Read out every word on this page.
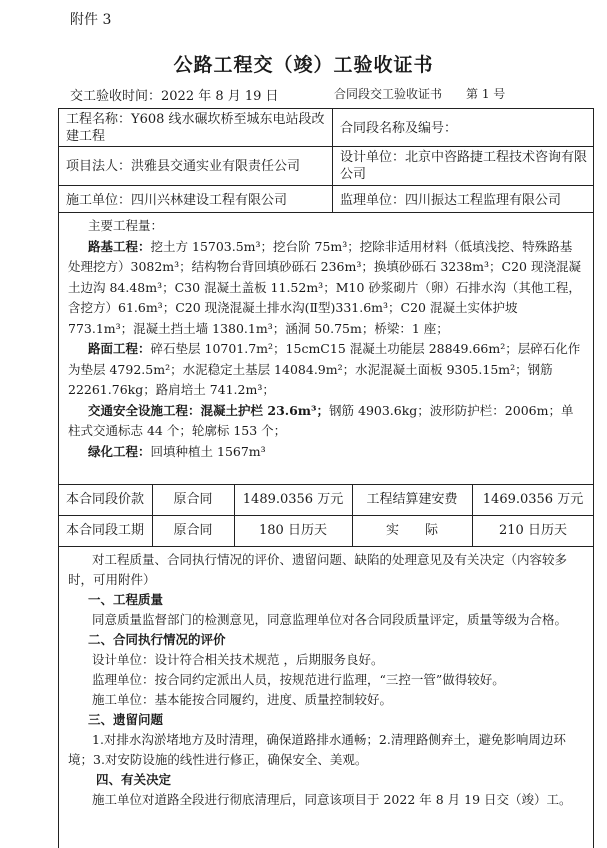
附件 3
公路工程交（竣）工验收证书
交工验收时间：2022 年 8 月 19 日	合同段交工验收证书 第 1 号
工程名称：Y608 线水碾坎桥至城东电站段改建工程
合同段名称及编号：
项目法人：洪雅县交通实业有限责任公司
设计单位：北京中咨路捷工程技术咨询有限公司
施工单位：四川兴林建设工程有限公司	监理单位：四川振达工程监理有限公司
主要工程量：
路基工程：挖土方 15703.5m³；挖台阶 75m³；挖除非适用材料（低填浅挖、特殊路基处理挖方）3082m³；结构物台背回填砂砾石 236m³；换填砂砾石 3238m³；C20 现浇混凝土边沟 84.48m³；C30 混凝土盖板 11.52m³；M10 砂浆砌片（卵）石排水沟（其他工程，含挖方）61.6m³；C20 现浇混凝土排水沟(Ⅱ型)331.6m³；C20 混凝土实体护坡 773.1m³；混凝土挡土墙 1380.1m³；涵洞 50.75m；桥梁：1 座；
路面工程：碎石垫层 10701.7m²；15cmC15 混凝土功能层 28849.66m²；层碎石化作为垫层 4792.5m²；水泥稳定土基层 14084.9m²；水泥混凝土面板 9305.15m²；钢筋 22261.76kg；路肩培土 741.2m³；
交通安全设施工程：混凝土护栏 23.6m³；钢筋 4903.6kg；波形防护栏：2006m；单柱式交通标志 44 个；轮廓标 153 个；
绿化工程：回填种植土 1567m³
本合同段价款	原合同	1489.0356 万元	工程结算建安费	1469.0356 万元
本合同段工期	原合同	180 日历天	实　　际	210 日历天
对工程质量、合同执行情况的评价、遗留问题、缺陷的处理意见及有关决定（内容较多时，可用附件）
一、工程质量
同意质量监督部门的检测意见，同意监理单位对各合同段质量评定，质量等级为合格。
二、合同执行情况的评价
设计单位：设计符合相关技术规范 ，后期服务良好。
监理单位：按合同约定派出人员，按规范进行监理，“三控一管”做得较好。
施工单位：基本能按合同履约，进度、质量控制较好。
三、遗留问题
1.对排水沟淤堵地方及时清理，确保道路排水通畅；2.清理路侧弃土，避免影响周边环境；3.对安防设施的线性进行修正，确保安全、美观。
四、有关决定
施工单位对道路全段进行彻底清理后，同意该项目于 2022 年 8 月 19 日交（竣）工。
